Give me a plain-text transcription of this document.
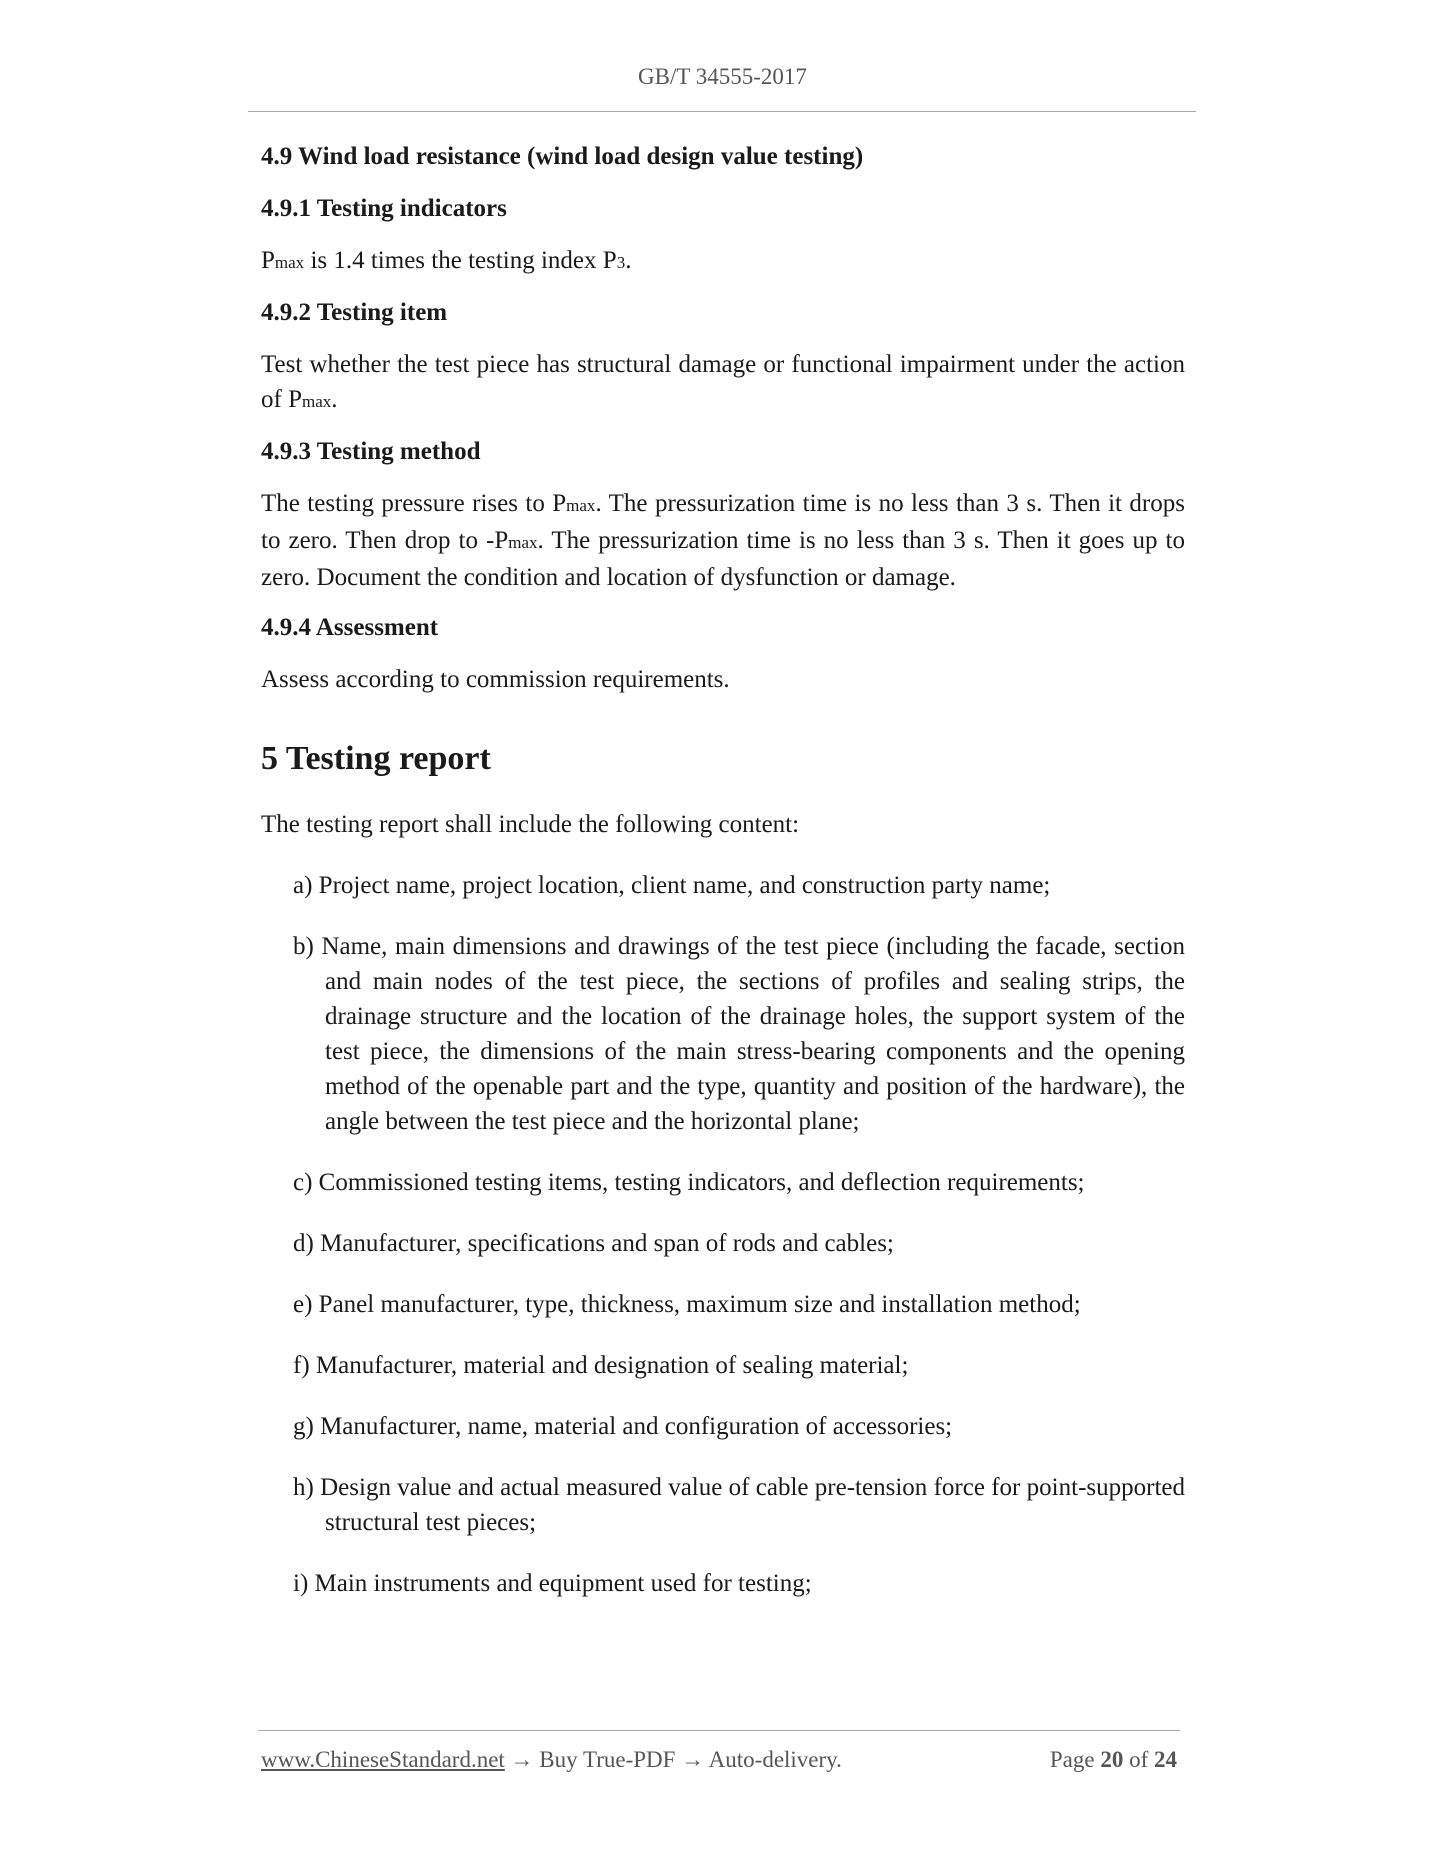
GB/T 34555-2017

4.9 Wind load resistance (wind load design value testing)

4.9.1 Testing indicators

Pmax is 1.4 times the testing index P3.

4.9.2 Testing item

Test whether the test piece has structural damage or functional impairment under the action of Pmax.

4.9.3 Testing method

The testing pressure rises to Pmax. The pressurization time is no less than 3 s. Then it drops to zero. Then drop to -Pmax. The pressurization time is no less than 3 s. Then it goes up to zero. Document the condition and location of dysfunction or damage.

4.9.4 Assessment

Assess according to commission requirements.

5 Testing report

The testing report shall include the following content:

a) Project name, project location, client name, and construction party name;

b) Name, main dimensions and drawings of the test piece (including the facade, section and main nodes of the test piece, the sections of profiles and sealing strips, the drainage structure and the location of the drainage holes, the support system of the test piece, the dimensions of the main stress-bearing components and the opening method of the openable part and the type, quantity and position of the hardware), the angle between the test piece and the horizontal plane;

c) Commissioned testing items, testing indicators, and deflection requirements;

d) Manufacturer, specifications and span of rods and cables;

e) Panel manufacturer, type, thickness, maximum size and installation method;

f) Manufacturer, material and designation of sealing material;

g) Manufacturer, name, material and configuration of accessories;

h) Design value and actual measured value of cable pre-tension force for point-supported structural test pieces;

i) Main instruments and equipment used for testing;

www.ChineseStandard.net → Buy True-PDF → Auto-delivery.	Page 20 of 24
